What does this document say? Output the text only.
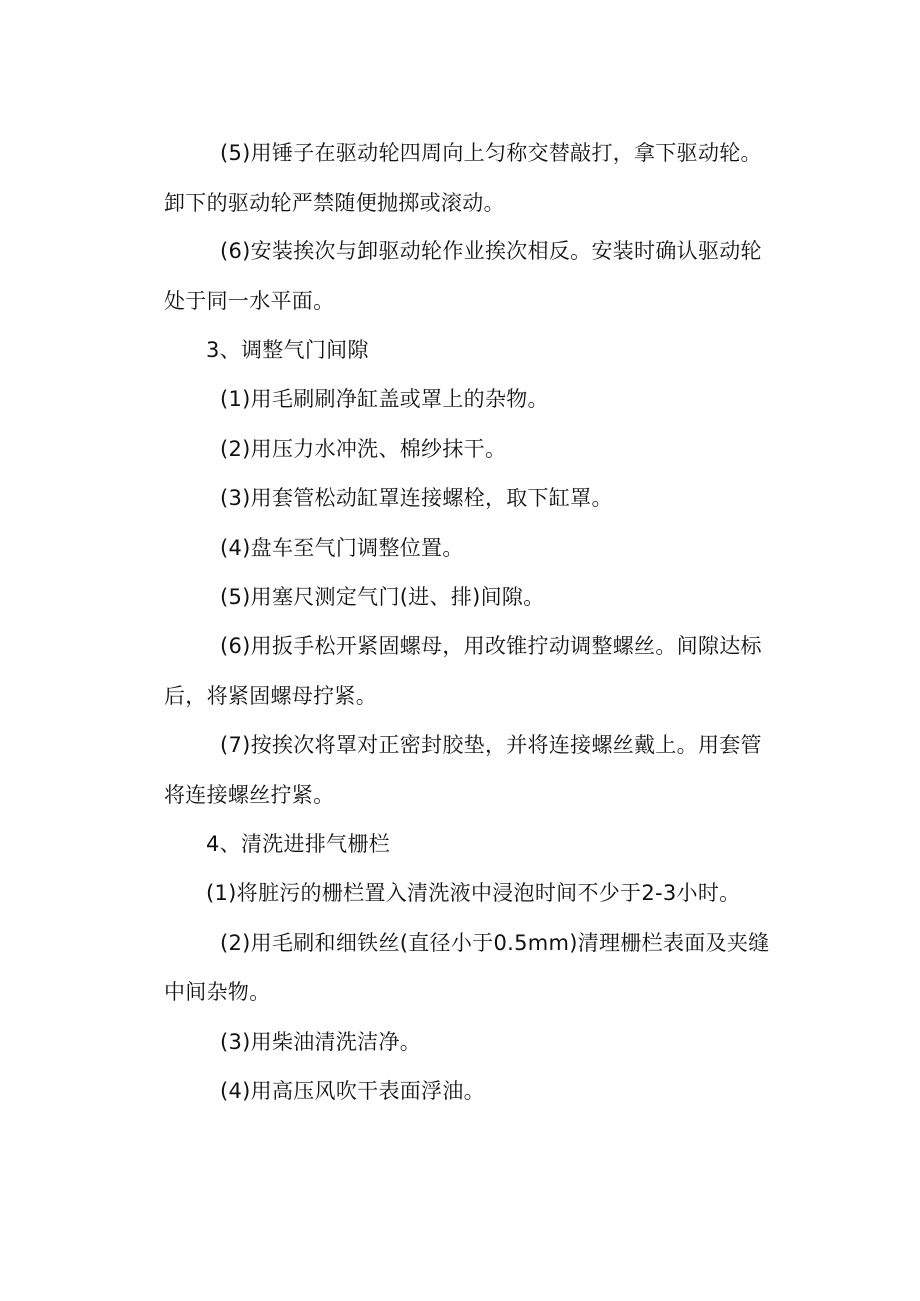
(5)用锤子在驱动轮四周向上匀称交替敲打，拿下驱动轮。
卸下的驱动轮严禁随便抛掷或滚动。
(6)安装挨次与卸驱动轮作业挨次相反。安装时确认驱动轮
处于同一水平面。
3、调整气门间隙
(1)用毛刷刷净缸盖或罩上的杂物。
(2)用压力水冲洗、棉纱抹干。
(3)用套管松动缸罩连接螺栓，取下缸罩。
(4)盘车至气门调整位置。
(5)用塞尺测定气门(进、排)间隙。
(6)用扳手松开紧固螺母，用改锥拧动调整螺丝。间隙达标
后，将紧固螺母拧紧。
(7)按挨次将罩对正密封胶垫，并将连接螺丝戴上。用套管
将连接螺丝拧紧。
4、清洗进排气栅栏
(1)将脏污的栅栏置入清洗液中浸泡时间不少于2-3小时。
(2)用毛刷和细铁丝(直径小于0.5mm)清理栅栏表面及夹缝
中间杂物。
(3)用柴油清洗洁净。
(4)用高压风吹干表面浮油。
